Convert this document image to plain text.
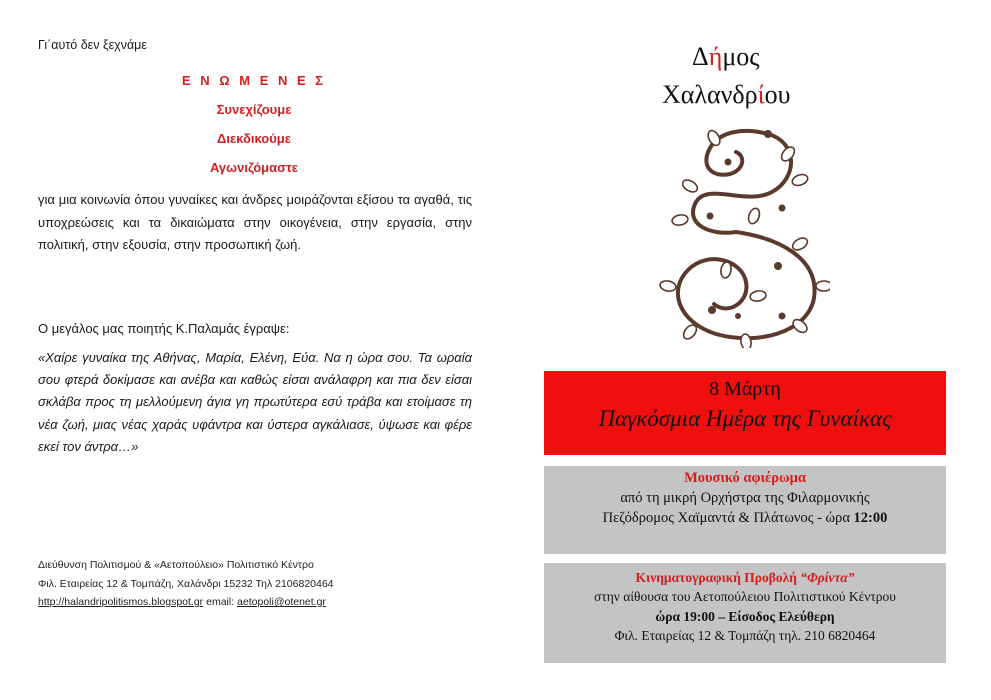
Γι΄αυτό δεν ξεχνάμε
Ε Ν Ω Μ Ε Ν Ε Σ
Συνεχίζουμε
Διεκδικούμε
Αγωνιζόμαστε
για μια κοινωνία όπου γυναίκες και άνδρες μοιράζονται εξίσου τα αγαθά, τις υποχρεώσεις και τα δικαιώματα στην οικογένεια, στην εργασία, στην πολιτική, στην εξουσία, στην προσωπική ζωή.
Ο μεγάλος μας ποιητής Κ.Παλαμάς έγραψε:
«Χαίρε γυναίκα της Αθήνας, Μαρία, Ελένη, Εύα. Να η ώρα σου. Τα ωραία σου φτερά δοκίμασε και ανέβα και καθώς είσαι ανάλαφρη και πια δεν είσαι σκλάβα προς τη μελλούμενη άγια γη πρωτύτερα εσύ τράβα και ετοίμασε τη νέα ζωή, μιας νέας χαράς υφάντρα και ύστερα αγκάλιασε, ύψωσε και φέρε εκεί τον άντρα…»
Διεύθυνση Πολιτισμού & «Αετοπούλειο» Πολιτιστικό Κέντρο
Φιλ. Εταιρείας 12 & Τομπάζη, Χαλάνδρι 15232 Τηλ 2106820464
http://halandripolitismos.blogspot.gr email: aetopoli@otenet.gr
Δήμος
Χαλανδρίου
8 Μάρτη
Παγκόσμια Ημέρα της Γυναίκας
Μουσικό αφιέρωμα
από τη μικρή Ορχήστρα της Φιλαρμονικής
Πεζόδρομος Χαϊμαντά & Πλάτωνος - ώρα 12:00
Κινηματογραφική Προβολή “Φρίντα”
στην αίθουσα του Αετοπούλειου Πολιτιστικού Κέντρου
ώρα 19:00 – Είσοδος Ελεύθερη
Φιλ. Εταιρείας 12 & Τομπάζη τηλ. 210 6820464
